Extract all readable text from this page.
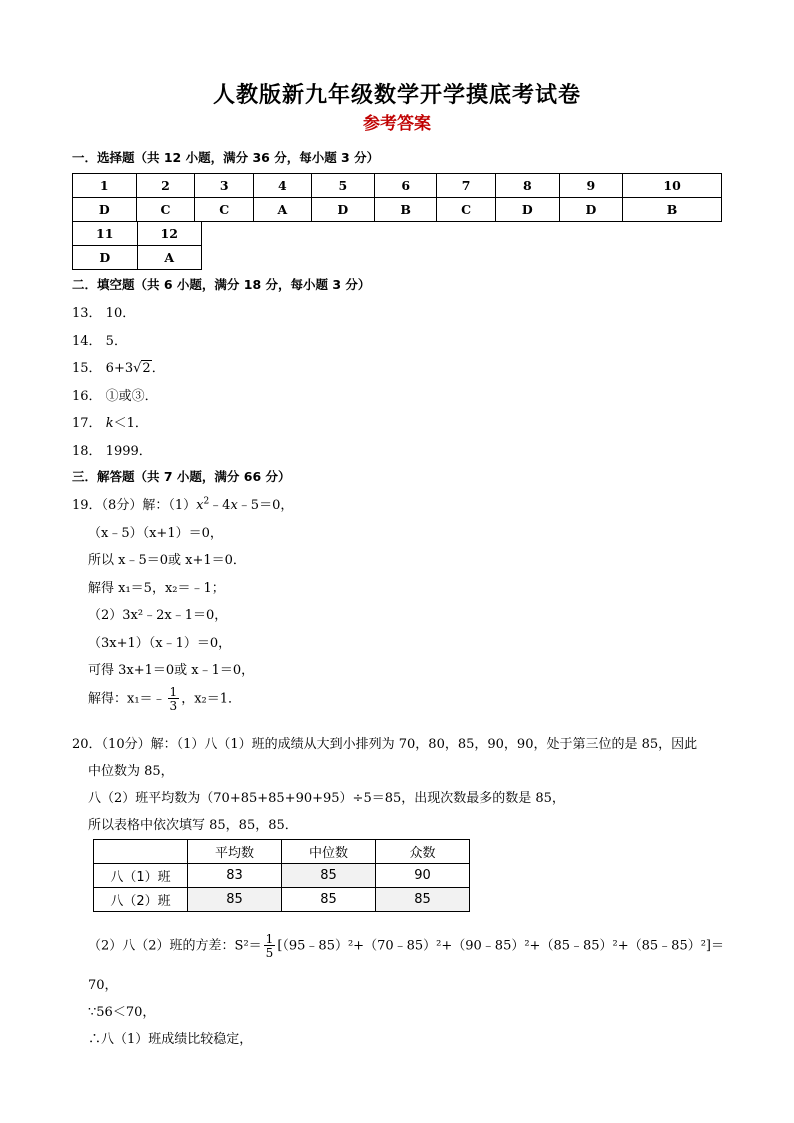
人教版新九年级数学开学摸底考试卷
参考答案
一．选择题（共 12 小题，满分 36 分，每小题 3 分）
1	2	3	4	5	6	7	8	9	10
D	C	C	A	D	B	C	D	D	B
11	12
D	A
二．填空题（共 6 小题，满分 18 分，每小题 3 分）
13． 10．
14． 5．
15． 6+3√2．
16． ①或③．
17． k＜1．
18． 1999．
三．解答题（共 7 小题，满分 66 分）
19．（8分）解：$(1)x^2﹣4x﹣5=0$，
（x﹣5）（x+1）＝0，
所以 x﹣5＝0或 x+1＝0．
解得 x₁＝5，x₂＝﹣1；
（2）3x²﹣2x﹣1＝0，
（3x+1）（x﹣1）＝0，
可得 3x+1＝0或 x﹣1＝0，
解得：x₁＝﹣ $\frac{1}{3}$ ，x₂＝1．
20．（10分）解：（1）八（1）班的成绩从大到小排列为 70，80，85，90，90，处于第三位的是 85，因此
中位数为 85，
八（2）班平均数为（70+85+85+90+95）÷5＝85，出现次数最多的数是 85，
所以表格中依次填写 85，85，85．
	平均数	中位数	众数
八（1）班	83	85	90
八（2）班	85	85	85
（2）八（2）班的方差：$S^2= \frac{1}{5}$ [（95﹣85）²+（70﹣85）²+（90﹣85）²+（85﹣85）²+（85﹣85）²]＝
70，
∵56＜70，
∴八（1）班成绩比较稳定，
